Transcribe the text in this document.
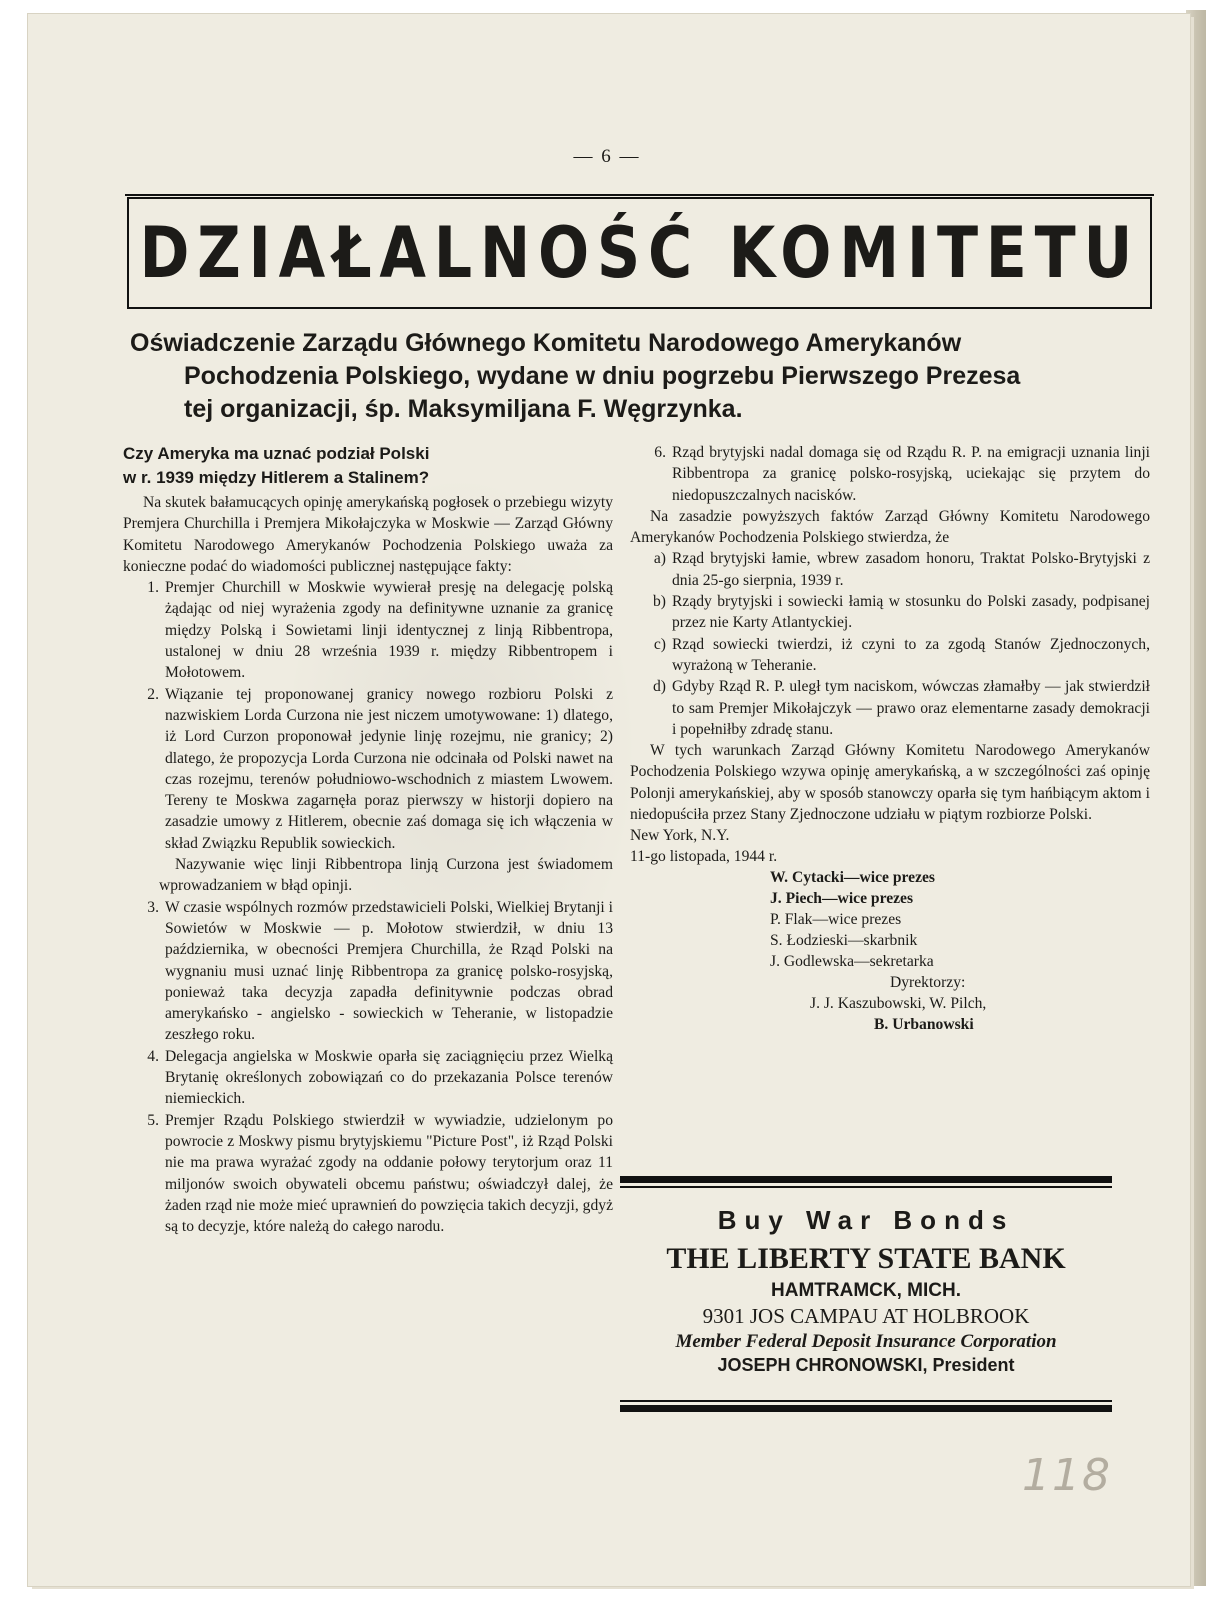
— 6 —
DZIAŁALNOŚĆ KOMITETU
Oświadczenie Zarządu Głównego Komitetu Narodowego Amerykanów
Pochodzenia Polskiego, wydane w dniu pogrzebu Pierwszego Prezesa
tej organizacji, śp. Maksymiljana F. Węgrzynka.
Czy Ameryka ma uznać podział Polski
w r. 1939 między Hitlerem a Stalinem?

Na skutek bałamucących opinję amerykańską pogłosek o przebiegu wizyty Premjera Churchilla i Premjera Mikołajczyka w Moskwie — Zarząd Główny Komitetu Narodowego Amerykanów Pochodzenia Polskiego uważa za konieczne podać do wiadomości publicznej następujące fakty:

1. Premjer Churchill w Moskwie wywierał presję na delegację polską żądając od niej wyrażenia zgody na definitywne uznanie za granicę między Polską i Sowietami linji identycznej z linją Ribbentropa, ustalonej w dniu 28 września 1939 r. między Ribbentropem i Mołotowem.
2. Wiązanie tej proponowanej granicy nowego rozbioru Polski z nazwiskiem Lorda Curzona nie jest niczem umotywowane: 1) dlatego, iż Lord Curzon proponował jedynie linję rozejmu, nie granicy; 2) dlatego, że propozycja Lorda Curzona nie odcinała od Polski nawet na czas rozejmu, terenów południowo-wschodnich z miastem Lwowem. Tereny te Moskwa zagarnęła poraz pierwszy w historji dopiero na zasadzie umowy z Hitlerem, obecnie zaś domaga się ich włączenia w skład Związku Republik sowieckich.
Nazywanie więc linji Ribbentropa linją Curzona jest świadomem wprowadzaniem w błąd opinji.
3. W czasie wspólnych rozmów przedstawicieli Polski, Wielkiej Brytanji i Sowietów w Moskwie — p. Mołotow stwierdził, w dniu 13 października, w obecności Premjera Churchilla, że Rząd Polski na wygnaniu musi uznać linję Ribbentropa za granicę polsko-rosyjską, ponieważ taka decyzja zapadła definitywnie podczas obrad amerykańsko - angielsko - sowieckich w Teheranie, w listopadzie zeszłego roku.
4. Delegacja angielska w Moskwie oparła się zaciągnięciu przez Wielką Brytanię określonych zobowiązań co do przekazania Polsce terenów niemieckich.
5. Premjer Rządu Polskiego stwierdził w wywiadzie, udzielonym po powrocie z Moskwy pismu brytyjskiemu "Picture Post", iż Rząd Polski nie ma prawa wyrażać zgody na oddanie połowy terytorjum oraz 11 miljonów swoich obywateli obcemu państwu; oświadczył dalej, że żaden rząd nie może mieć uprawnień do powzięcia takich decyzji, gdyż są to decyzje, które należą do całego narodu.
6. Rząd brytyjski nadal domaga się od Rządu R. P. na emigracji uznania linji Ribbentropa za granicę polsko-rosyjską, uciekając się przytem do niedopuszczalnych nacisków.

Na zasadzie powyższych faktów Zarząd Główny Komitetu Narodowego Amerykanów Pochodzenia Polskiego stwierdza, że

a) Rząd brytyjski łamie, wbrew zasadom honoru, Traktat Polsko-Brytyjski z dnia 25-go sierpnia, 1939 r.
b) Rządy brytyjski i sowiecki łamią w stosunku do Polski zasady, podpisanej przez nie Karty Atlantyckiej.
c) Rząd sowiecki twierdzi, iż czyni to za zgodą Stanów Zjednoczonych, wyrażoną w Teheranie.
d) Gdyby Rząd R. P. uległ tym naciskom, wówczas złamałby — jak stwierdził to sam Premjer Mikołajczyk — prawo oraz elementarne zasady demokracji i popełniłby zdradę stanu.

W tych warunkach Zarząd Główny Komitetu Narodowego Amerykanów Pochodzenia Polskiego wzywa opinję amerykańską, a w szczególności zaś opinję Polonji amerykańskiej, aby w sposób stanowczy oparła się tym hańbiącym aktom i niedopuściła przez Stany Zjednoczone udziału w piątym rozbiorze Polski.

New York, N.Y.
11-go listopada, 1944 r.
W. Cytacki—wice prezes
J. Piech—wice prezes
P. Flak—wice prezes
S. Łodzieski—skarbnik
J. Godlewska—sekretarka
Dyrektorzy:
J. J. Kaszubowski, W. Pilch,
B. Urbanowski
Buy War Bonds
THE LIBERTY STATE BANK
HAMTRAMCK, MICH.
9301 JOS CAMPAU AT HOLBROOK
Member Federal Deposit Insurance Corporation
JOSEPH CHRONOWSKI, President
118
